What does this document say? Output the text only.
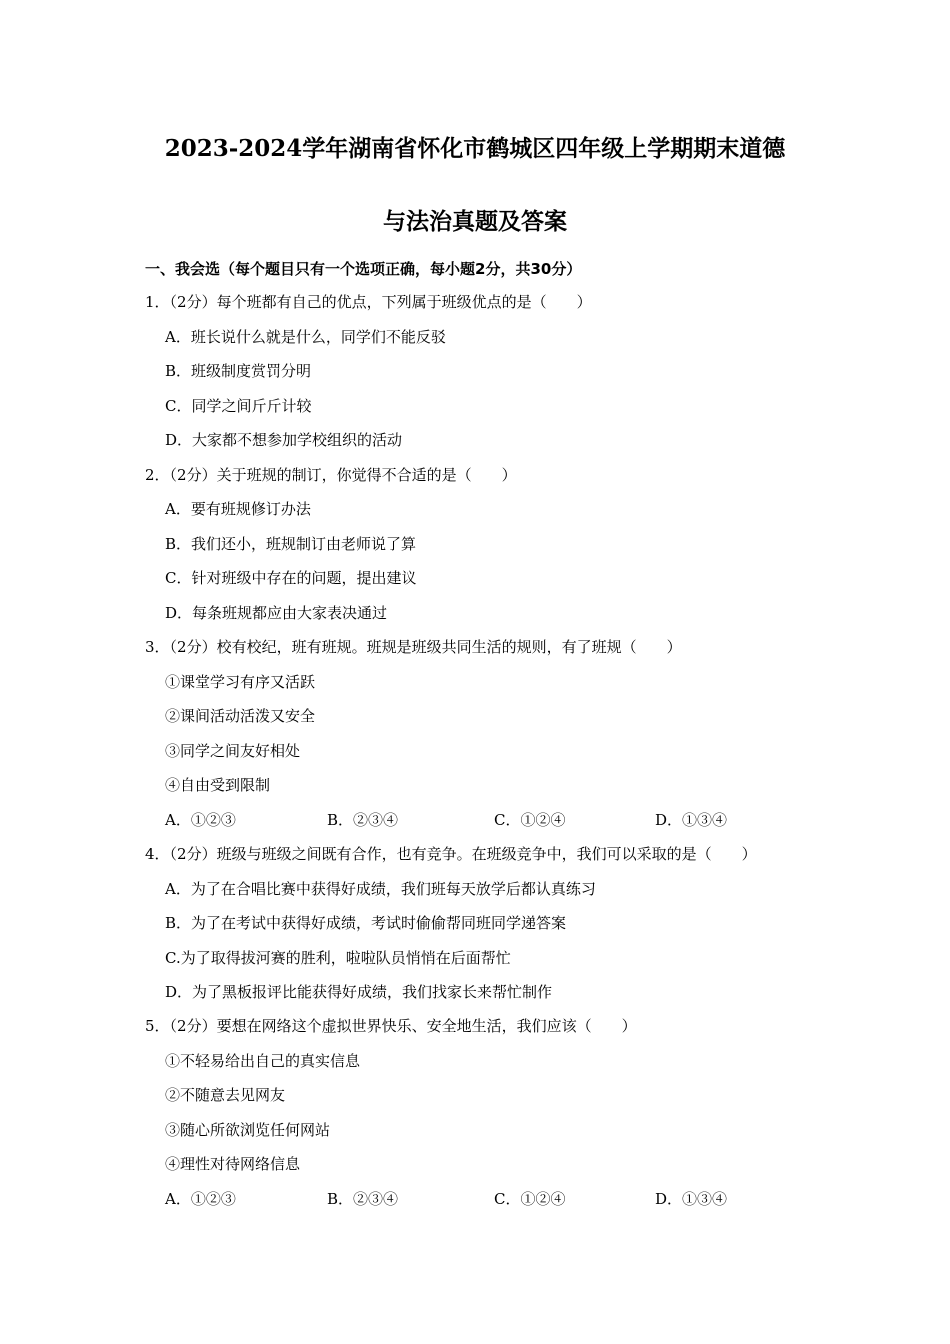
2023-2024学年湖南省怀化市鹤城区四年级上学期期末道德
与法治真题及答案
一、我会选（每个题目只有一个选项正确，每小题2分，共30分）
1．（2分）每个班都有自己的优点，下列属于班级优点的是（　　）
A．班长说什么就是什么，同学们不能反驳
B．班级制度赏罚分明
C．同学之间斤斤计较
D．大家都不想参加学校组织的活动
2．（2分）关于班规的制订，你觉得不合适的是（　　）
A．要有班规修订办法
B．我们还小，班规制订由老师说了算
C．针对班级中存在的问题，提出建议
D．每条班规都应由大家表决通过
3．（2分）校有校纪，班有班规。班规是班级共同生活的规则，有了班规（　　）
①课堂学习有序又活跃
②课间活动活泼又安全
③同学之间友好相处
④自由受到限制
A．①②③	B．②③④	C．①②④	D．①③④
4．（2分）班级与班级之间既有合作，也有竞争。在班级竞争中，我们可以采取的是（　　）
A．为了在合唱比赛中获得好成绩，我们班每天放学后都认真练习
B．为了在考试中获得好成绩，考试时偷偷帮同班同学递答案
C.为了取得拔河赛的胜利，啦啦队员悄悄在后面帮忙
D．为了黑板报评比能获得好成绩，我们找家长来帮忙制作
5．（2分）要想在网络这个虚拟世界快乐、安全地生活，我们应该（　　）
①不轻易给出自己的真实信息
②不随意去见网友
③随心所欲浏览任何网站
④理性对待网络信息
A．①②③	B．②③④	C．①②④	D．①③④
